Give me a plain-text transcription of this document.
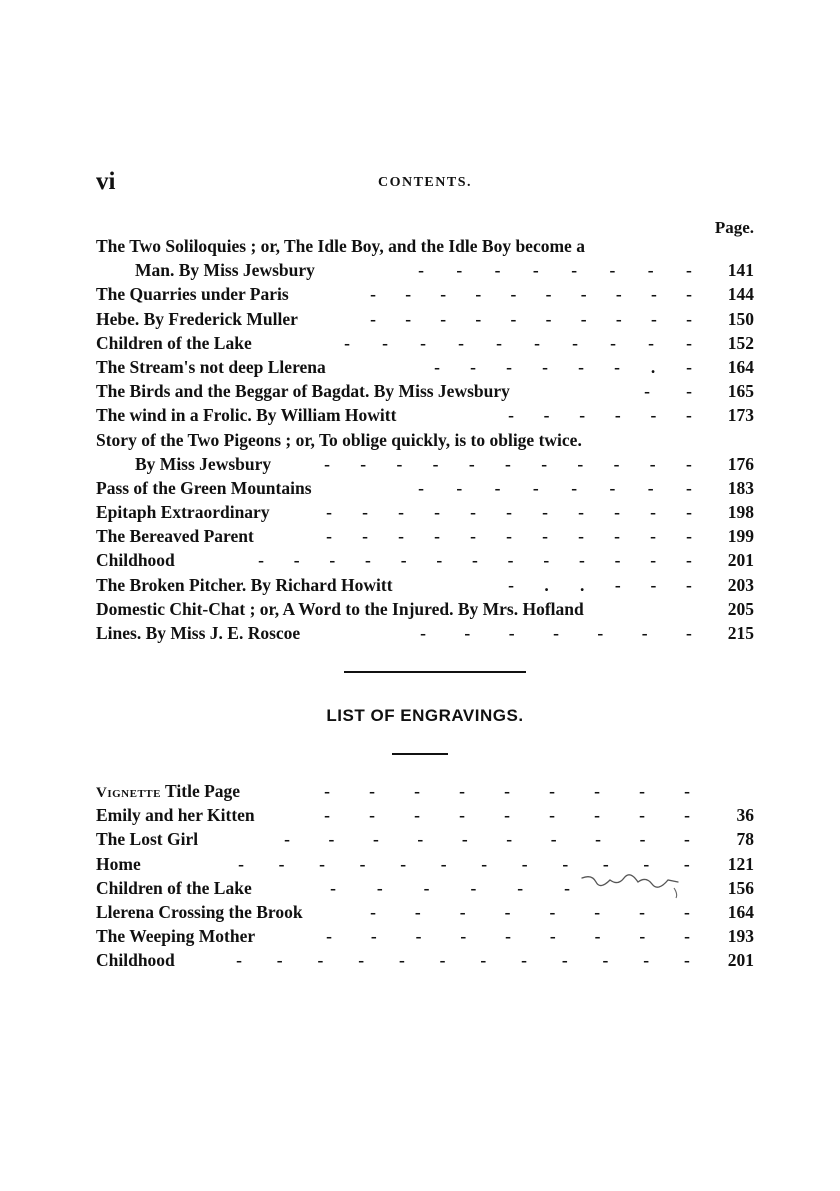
vi	CONTENTS.
Page.
The Two Soliloquies ; or, The Idle Boy, and the Idle Boy become a
Man. By Miss Jewsbury	- - - - - - - -	141
The Quarries under Paris	- - - - - - - - - -	144
Hebe. By Frederick Muller	- - - - - - - - - -	150
Children of the Lake	- - - - - - - - - -	152
The Stream's not deep Llerena	- - - - - - . -	164
The Birds and the Beggar of Bagdat. By Miss Jewsbury	- -	165
The wind in a Frolic. By William Howitt	- - - - - -	173
Story of the Two Pigeons ; or, To oblige quickly, is to oblige twice.
By Miss Jewsbury	- - - - - - - - - - -	176
Pass of the Green Mountains	- - - - - - - -	183
Epitaph Extraordinary	- - - - - - - - - - -	198
The Bereaved Parent	- - - - - - - - - - -	199
Childhood	- - - - - - - - - - - - -	201
The Broken Pitcher. By Richard Howitt	- . . - - -	203
Domestic Chit-Chat ; or, A Word to the Injured. By Mrs. Hofland	205
Lines. By Miss J. E. Roscoe	- - - - - - -	215
LIST OF ENGRAVINGS.
Vignette Title Page	- - - - - - - - -
Emily and her Kitten	- - - - - - - - -	36
The Lost Girl	- - - - - - - - - -	78
Home	- - - - - - - - - - - -	121
Children of the Lake	- - - - - -	156
Llerena Crossing the Brook	- - - - - - - -	164
The Weeping Mother	- - - - - - - - -	193
Childhood	- - - - - - - - - - - -	201
